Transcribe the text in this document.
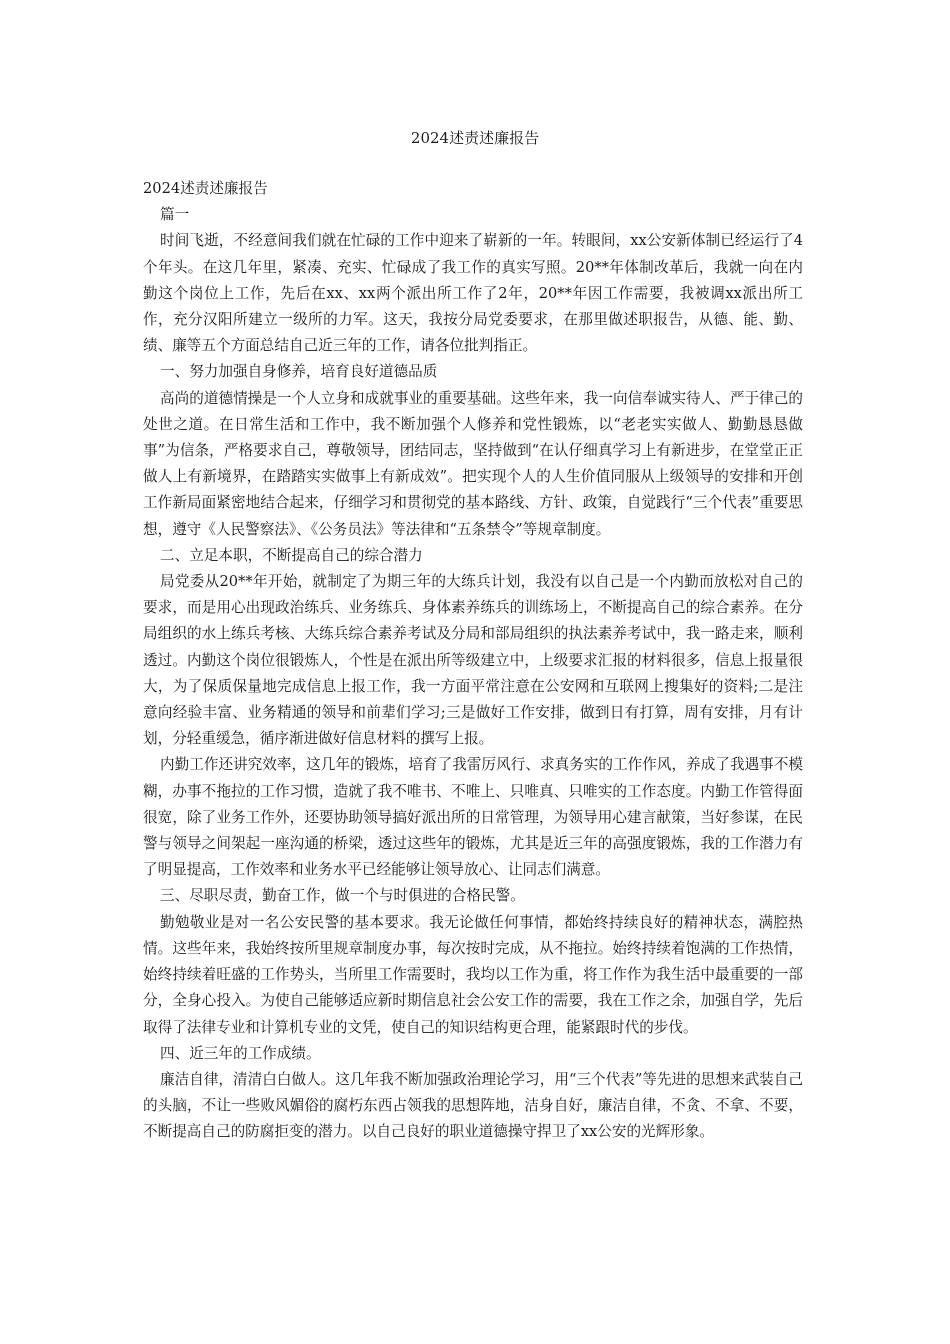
2024述责述廉报告

2024述责述廉报告

篇一

时间飞逝，不经意间我们就在忙碌的工作中迎来了崭新的一年。转眼间，xx公安新体制已经运行了4个年头。在这几年里，紧凑、充实、忙碌成了我工作的真实写照。20**年体制改革后，我就一向在内勤这个岗位上工作，先后在xx、xx两个派出所工作了2年，20**年因工作需要，我被调xx派出所工作，充分汉阳所建立一级所的力军。这天，我按分局党委要求，在那里做述职报告，从德、能、勤、绩、廉等五个方面总结自己近三年的工作，请各位批判指正。

一、努力加强自身修养，培育良好道德品质

高尚的道德情操是一个人立身和成就事业的重要基础。这些年来，我一向信奉诚实待人、严于律己的处世之道。在日常生活和工作中，我不断加强个人修养和党性锻炼，以“老老实实做人、勤勤恳恳做事”为信条，严格要求自己，尊敬领导，团结同志，坚持做到“在认仔细真学习上有新进步，在堂堂正正做人上有新境界，在踏踏实实做事上有新成效”。把实现个人的人生价值同服从上级领导的安排和开创工作新局面紧密地结合起来，仔细学习和贯彻党的基本路线、方针、政策，自觉践行“三个代表”重要思想，遵守《人民警察法》、《公务员法》等法律和“五条禁令”等规章制度。

二、立足本职，不断提高自己的综合潜力

局党委从20**年开始，就制定了为期三年的大练兵计划，我没有以自己是一个内勤而放松对自己的要求，而是用心出现政治练兵、业务练兵、身体素养练兵的训练场上，不断提高自己的综合素养。在分局组织的水上练兵考核、大练兵综合素养考试及分局和部局组织的执法素养考试中，我一路走来，顺利透过。内勤这个岗位很锻炼人，个性是在派出所等级建立中，上级要求汇报的材料很多，信息上报量很大，为了保质保量地完成信息上报工作，我一方面平常注意在公安网和互联网上搜集好的资料;二是注意向经验丰富、业务精通的领导和前辈们学习;三是做好工作安排，做到日有打算，周有安排，月有计划，分轻重缓急，循序渐进做好信息材料的撰写上报。

内勤工作还讲究效率，这几年的锻炼，培育了我雷厉风行、求真务实的工作作风，养成了我遇事不模糊，办事不拖拉的工作习惯，造就了我不唯书、不唯上、只唯真、只唯实的工作态度。内勤工作管得面很宽，除了业务工作外，还要协助领导搞好派出所的日常管理，为领导用心建言献策，当好参谋，在民警与领导之间架起一座沟通的桥梁，透过这些年的锻炼，尤其是近三年的高强度锻炼，我的工作潜力有了明显提高，工作效率和业务水平已经能够让领导放心、让同志们满意。

三、尽职尽责，勤奋工作，做一个与时俱进的合格民警。

勤勉敬业是对一名公安民警的基本要求。我无论做任何事情，都始终持续良好的精神状态，满腔热情。这些年来，我始终按所里规章制度办事，每次按时完成，从不拖拉。始终持续着饱满的工作热情，始终持续着旺盛的工作势头，当所里工作需要时，我均以工作为重，将工作作为我生活中最重要的一部分，全身心投入。为使自己能够适应新时期信息社会公安工作的需要，我在工作之余，加强自学，先后取得了法律专业和计算机专业的文凭，使自己的知识结构更合理，能紧跟时代的步伐。

四、近三年的工作成绩。

廉洁自律，清清白白做人。这几年我不断加强政治理论学习，用“三个代表”等先进的思想来武装自己的头脑，不让一些败风媚俗的腐朽东西占领我的思想阵地，洁身自好，廉洁自律，不贪、不拿、不要，不断提高自己的防腐拒变的潜力。以自己良好的职业道德操守捍卫了xx公安的光辉形象。
